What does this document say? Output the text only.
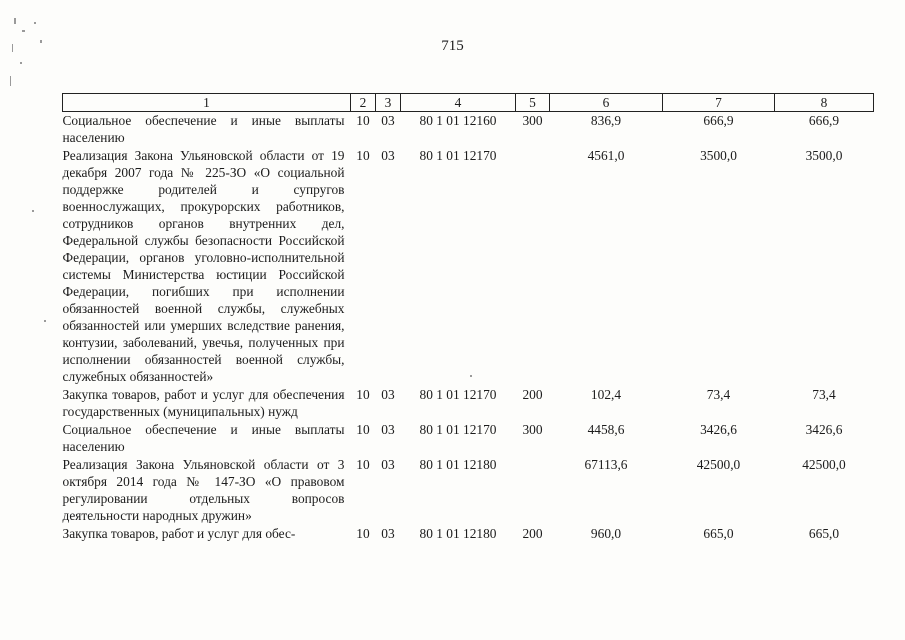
715
1	2	3	4	5	6	7	8
Социальное обеспечение и иные выплаты населению	10	03	80 1 01 12160	300	836,9	666,9	666,9
Реализация Закона Ульяновской области от 19 декабря 2007 года № 225-ЗО «О социальной поддержке родителей и супругов военнослужащих, прокурорских работников, сотрудников органов внутренних дел, Федеральной службы безопасности Российской Федерации, органов уголовно-исполнительной системы Министерства юстиции Российской Федерации, погибших при исполнении обязанностей военной службы, служебных обязанностей или умерших вследствие ранения, контузии, заболеваний, увечья, полученных при исполнении обязанностей военной службы, служебных обязанностей»	10	03	80 1 01 12170		4561,0	3500,0	3500,0
Закупка товаров, работ и услуг для обеспечения государственных (муниципальных) нужд	10	03	80 1 01 12170	200	102,4	73,4	73,4
Социальное обеспечение и иные выплаты населению	10	03	80 1 01 12170	300	4458,6	3426,6	3426,6
Реализация Закона Ульяновской области от 3 октября 2014 года № 147-ЗО «О правовом регулировании отдельных вопросов деятельности народных дружин»	10	03	80 1 01 12180		67113,6	42500,0	42500,0
Закупка товаров, работ и услуг для обес-	10	03	80 1 01 12180	200	960,0	665,0	665,0
